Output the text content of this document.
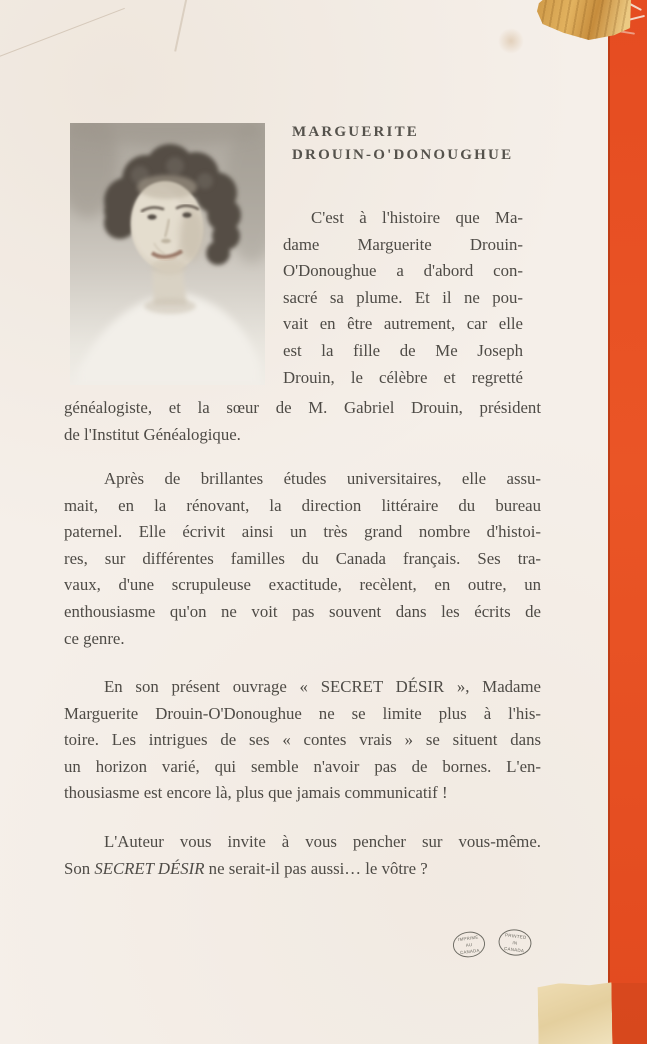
MARGUERITE
DROUIN-O'DONOUGHUE
C'est à l'histoire que Ma-
dame Marguerite Drouin-
O'Donoughue a d'abord con-
sacré sa plume. Et il ne pou-
vait en être autrement, car elle
est la fille de Me Joseph
Drouin, le célèbre et regretté
généalogiste, et la sœur de M. Gabriel Drouin, président
de l'Institut Généalogique.
Après de brillantes études universitaires, elle assu-
mait, en la rénovant, la direction littéraire du bureau
paternel. Elle écrivit ainsi un très grand nombre d'histoi-
res, sur différentes familles du Canada français. Ses tra-
vaux, d'une scrupuleuse exactitude, recèlent, en outre, un
enthousiasme qu'on ne voit pas souvent dans les écrits de
ce genre.
En son présent ouvrage « SECRET DÉSIR », Madame
Marguerite Drouin-O'Donoughue ne se limite plus à l'his-
toire. Les intrigues de ses « contes vrais » se situent dans
un horizon varié, qui semble n'avoir pas de bornes. L'en-
thousiasme est encore là, plus que jamais communicatif !
L'Auteur vous invite à vous pencher sur vous-même.
Son SECRET DÉSIR ne serait-il pas aussi… le vôtre ?
IMPRIMÉ
AU
CANADA
PRINTED
IN
CANADA
